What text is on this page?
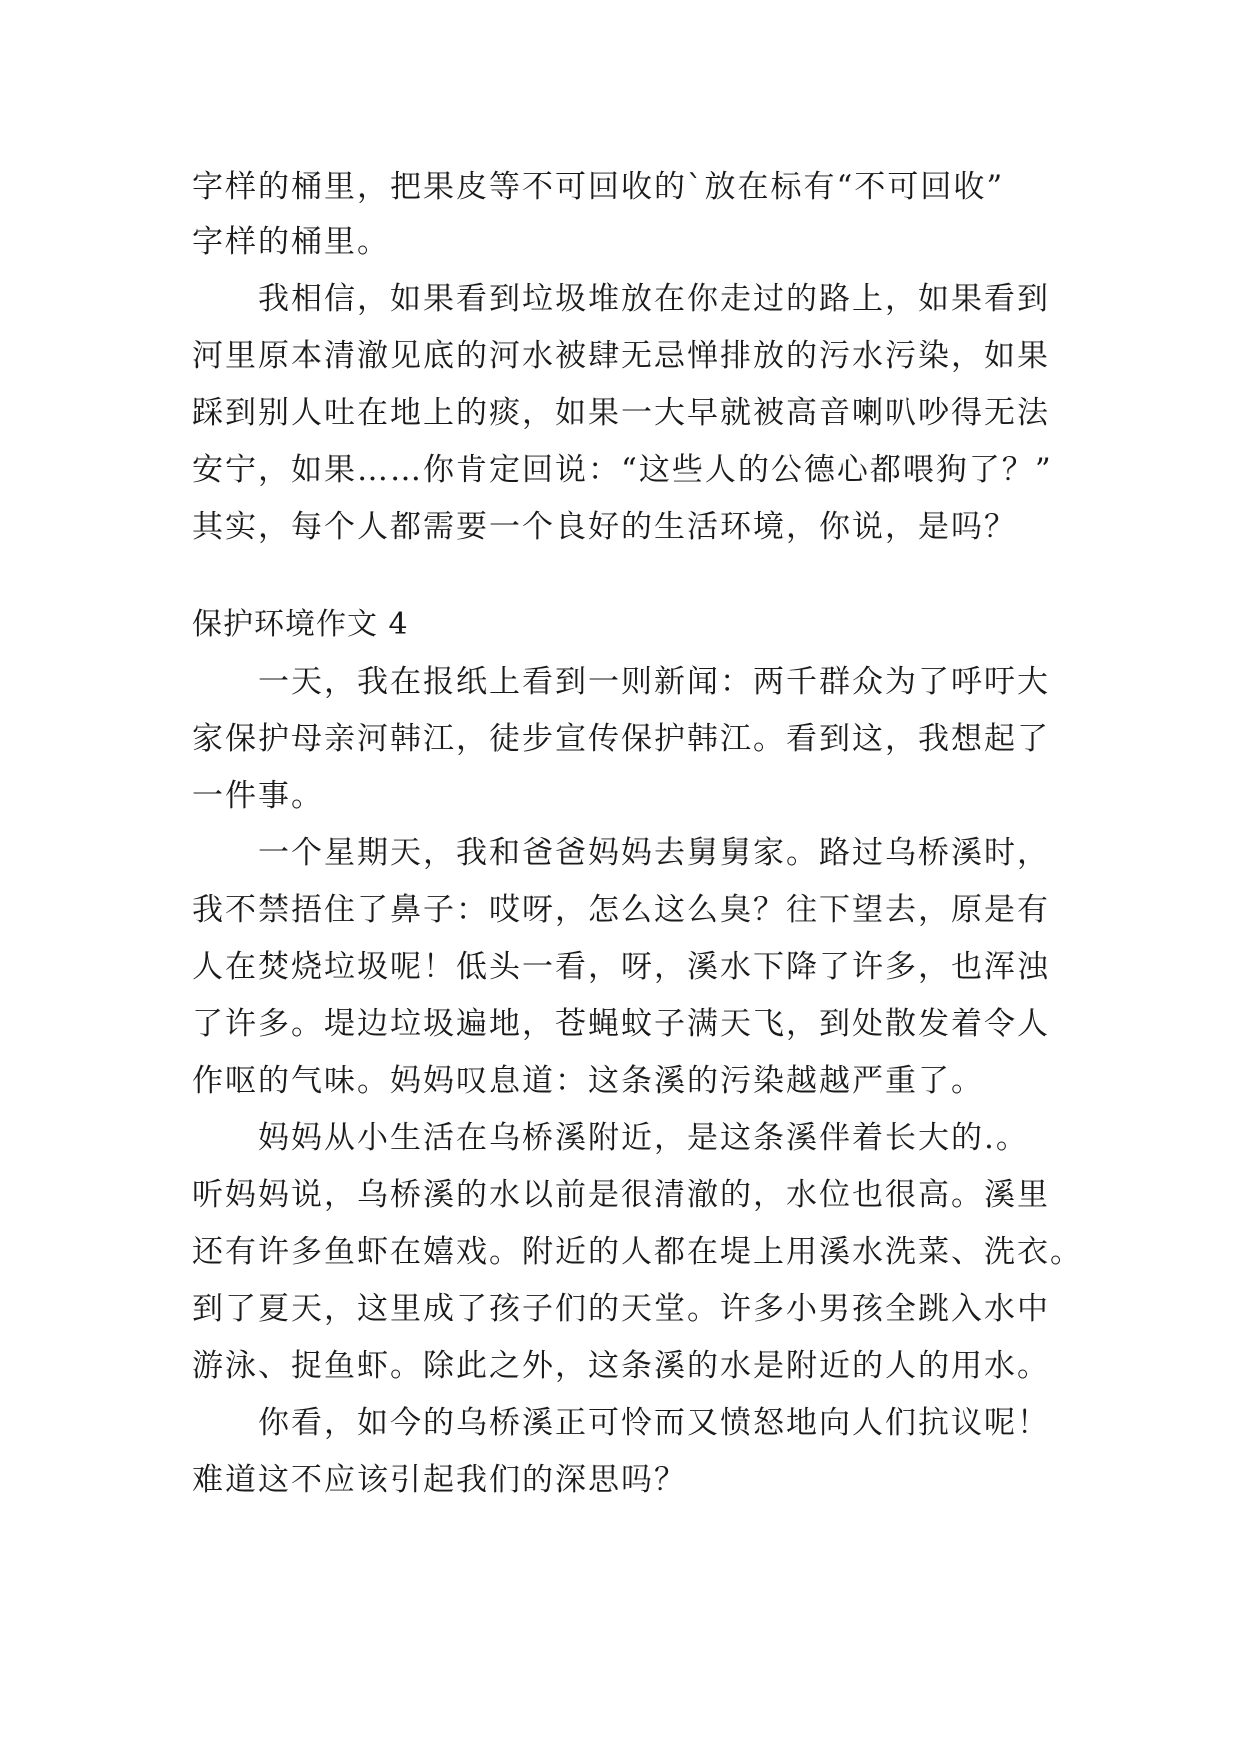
字样的桶里，把果皮等不可回收的`放在标有“不可回收”
字样的桶里。
我相信，如果看到垃圾堆放在你走过的路上，如果看到
河里原本清澈见底的河水被肆无忌惮排放的污水污染，如果
踩到别人吐在地上的痰，如果一大早就被高音喇叭吵得无法
安宁，如果……你肯定回说：“这些人的公德心都喂狗了？”
其实，每个人都需要一个良好的生活环境，你说，是吗？
保护环境作文 4
一天，我在报纸上看到一则新闻：两千群众为了呼吁大
家保护母亲河韩江，徒步宣传保护韩江。看到这，我想起了
一件事。
一个星期天，我和爸爸妈妈去舅舅家。路过乌桥溪时，
我不禁捂住了鼻子：哎呀，怎么这么臭？往下望去，原是有
人在焚烧垃圾呢！低头一看，呀，溪水下降了许多，也浑浊
了许多。堤边垃圾遍地，苍蝇蚊子满天飞，到处散发着令人
作呕的气味。妈妈叹息道：这条溪的污染越越严重了。
妈妈从小生活在乌桥溪附近，是这条溪伴着长大的.。
听妈妈说，乌桥溪的水以前是很清澈的，水位也很高。溪里
还有许多鱼虾在嬉戏。附近的人都在堤上用溪水洗菜、洗衣。
到了夏天，这里成了孩子们的天堂。许多小男孩全跳入水中
游泳、捉鱼虾。除此之外，这条溪的水是附近的人的用水。
你看，如今的乌桥溪正可怜而又愤怒地向人们抗议呢！
难道这不应该引起我们的深思吗？
